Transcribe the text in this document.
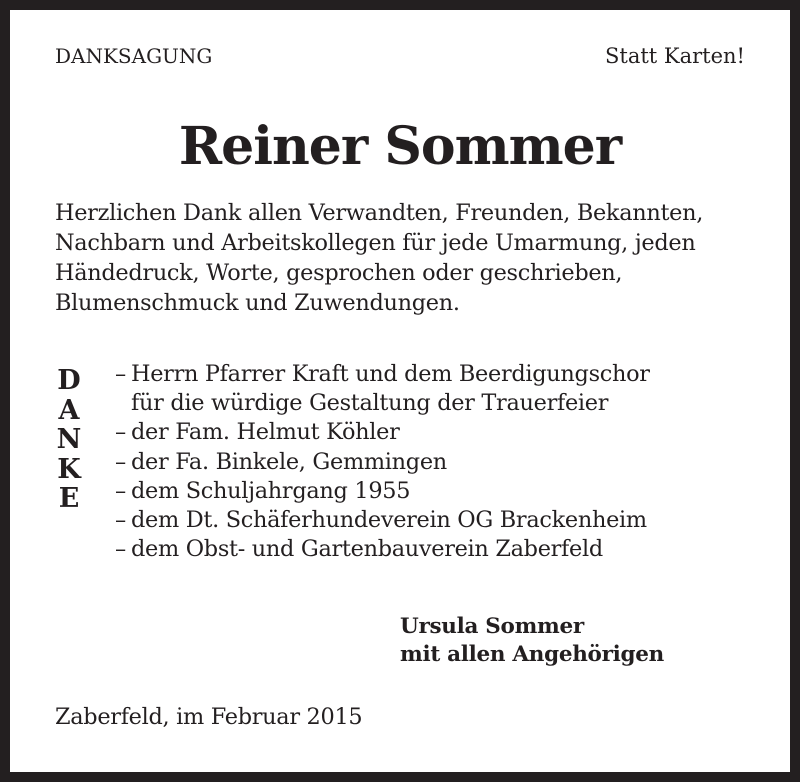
DANKSAGUNG	Statt Karten!
Reiner Sommer
Herzlichen Dank allen Verwandten, Freunden, Bekannten,
Nachbarn und Arbeitskollegen für jede Umarmung, jeden
Händedruck, Worte, gesprochen oder geschrieben,
Blumenschmuck und Zuwendungen.
D
A
N
K
E
– Herrn Pfarrer Kraft und dem Beerdigungschor
für die würdige Gestaltung der Trauerfeier
– der Fam. Helmut Köhler
– der Fa. Binkele, Gemmingen
– dem Schuljahrgang 1955
– dem Dt. Schäferhundeverein OG Brackenheim
– dem Obst- und Gartenbauverein Zaberfeld
Ursula Sommer
mit allen Angehörigen
Zaberfeld, im Februar 2015
